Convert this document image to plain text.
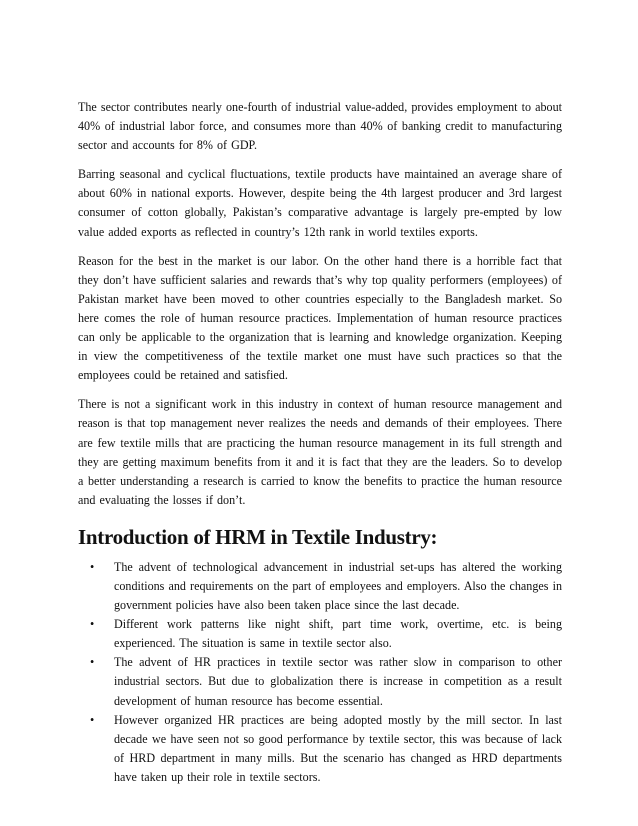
The sector contributes nearly one-fourth of industrial value-added, provides employment to about 40% of industrial labor force, and consumes more than 40% of banking credit to manufacturing sector and accounts for 8% of GDP.

Barring seasonal and cyclical fluctuations, textile products have maintained an average share of about 60% in national exports. However, despite being the 4th largest producer and 3rd largest consumer of cotton globally, Pakistan’s comparative advantage is largely pre-empted by low value added exports as reflected in country’s 12th rank in world textiles exports.

Reason for the best in the market is our labor. On the other hand there is a horrible fact that they don’t have sufficient salaries and rewards that’s why top quality performers (employees) of Pakistan market have been moved to other countries especially to the Bangladesh market. So here comes the role of human resource practices. Implementation of human resource practices can only be applicable to the organization that is learning and knowledge organization. Keeping in view the competitiveness of the textile market one must have such practices so that the employees could be retained and satisfied.

There is not a significant work in this industry in context of human resource management and reason is that top management never realizes the needs and demands of their employees. There are few textile mills that are practicing the human resource management in its full strength and they are getting maximum benefits from it and it is fact that they are the leaders. So to develop a better understanding a research is carried to know the benefits to practice the human resource and evaluating the losses if don’t.

Introduction of HRM in Textile Industry:
• The advent of technological advancement in industrial set-ups has altered the working conditions and requirements on the part of employees and employers. Also the changes in government policies have also been taken place since the last decade.
• Different work patterns like night shift, part time work, overtime, etc. is being experienced. The situation is same in textile sector also.
• The advent of HR practices in textile sector was rather slow in comparison to other industrial sectors. But due to globalization there is increase in competition as a result development of human resource has become essential.
• However organized HR practices are being adopted mostly by the mill sector. In last decade we have seen not so good performance by textile sector, this was because of lack of HRD department in many mills. But the scenario has changed as HRD departments have taken up their role in textile sectors.
